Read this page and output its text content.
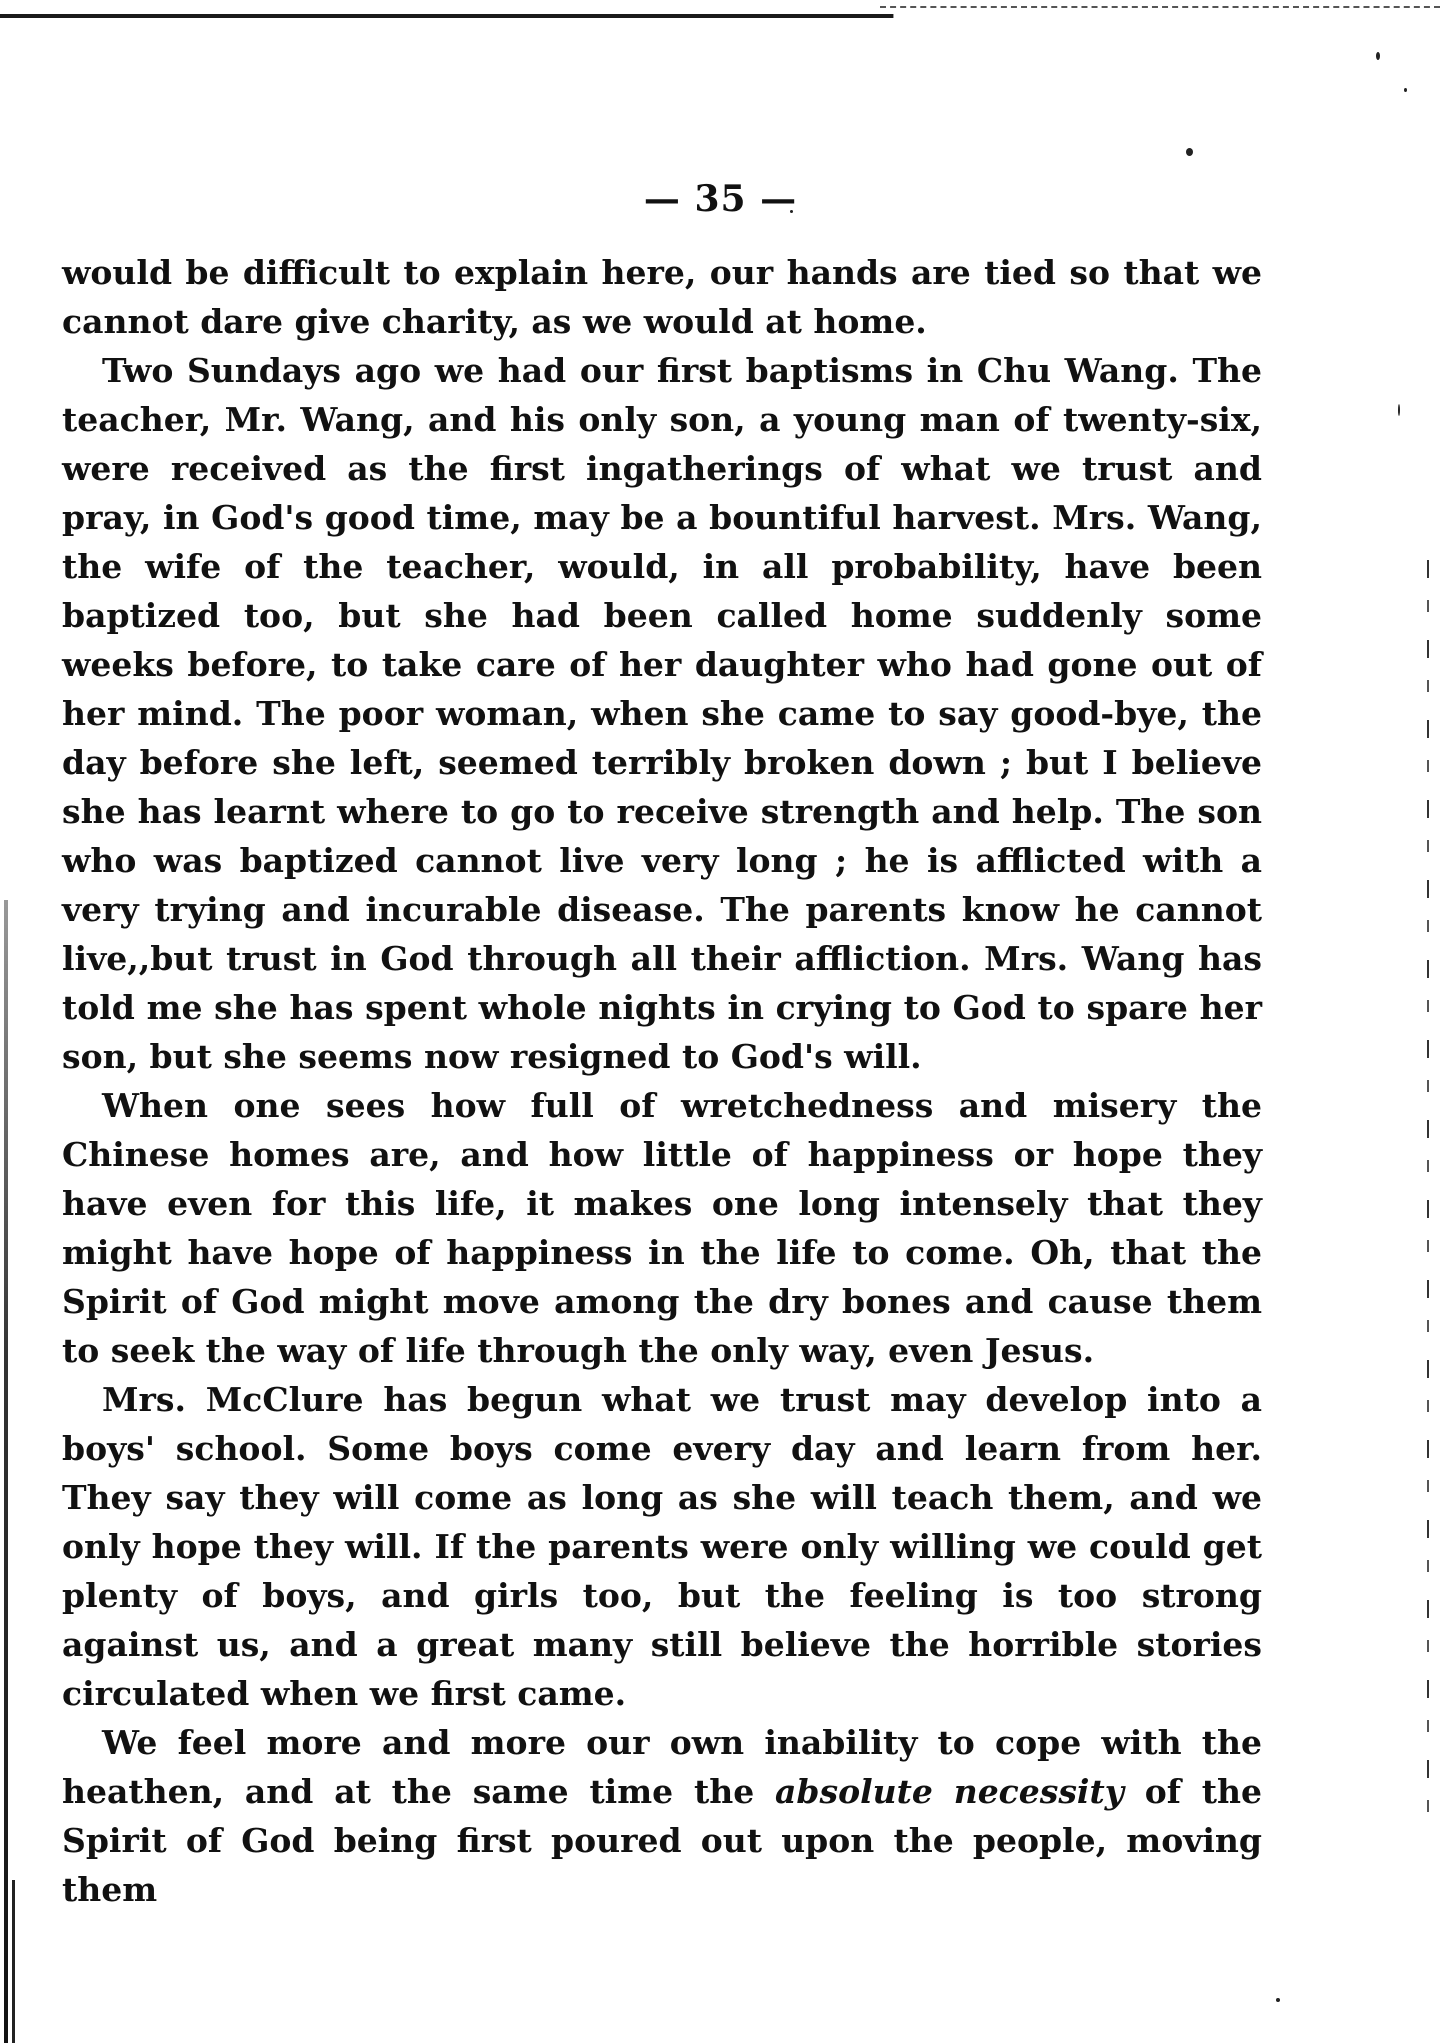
— 35 —

would be difficult to explain here, our hands are tied so that we cannot dare give charity, as we would at home.

Two Sundays ago we had our first baptisms in Chu Wang. The teacher, Mr. Wang, and his only son, a young man of twenty-six, were received as the first ingatherings of what we trust and pray, in God's good time, may be a bountiful harvest. Mrs. Wang, the wife of the teacher, would, in all probability, have been baptized too, but she had been called home suddenly some weeks before, to take care of her daughter who had gone out of her mind. The poor woman, when she came to say good-bye, the day before she left, seemed terribly broken down ; but I believe she has learnt where to go to receive strength and help. The son who was baptized cannot live very long ; he is afflicted with a very trying and incurable disease. The parents know he cannot live,,but trust in God through all their affliction. Mrs. Wang has told me she has spent whole nights in crying to God to spare her son, but she seems now resigned to God's will.

When one sees how full of wretchedness and misery the Chinese homes are, and how little of happiness or hope they have even for this life, it makes one long intensely that they might have hope of happiness in the life to come. Oh, that the Spirit of God might move among the dry bones and cause them to seek the way of life through the only way, even Jesus.

Mrs. McClure has begun what we trust may develop into a boys' school. Some boys come every day and learn from her. They say they will come as long as she will teach them, and we only hope they will. If the parents were only willing we could get plenty of boys, and girls too, but the feeling is too strong against us, and a great many still believe the horrible stories circulated when we first came.

We feel more and more our own inability to cope with the heathen, and at the same time the absolute necessity of the Spirit of God being first poured out upon the people, moving them
